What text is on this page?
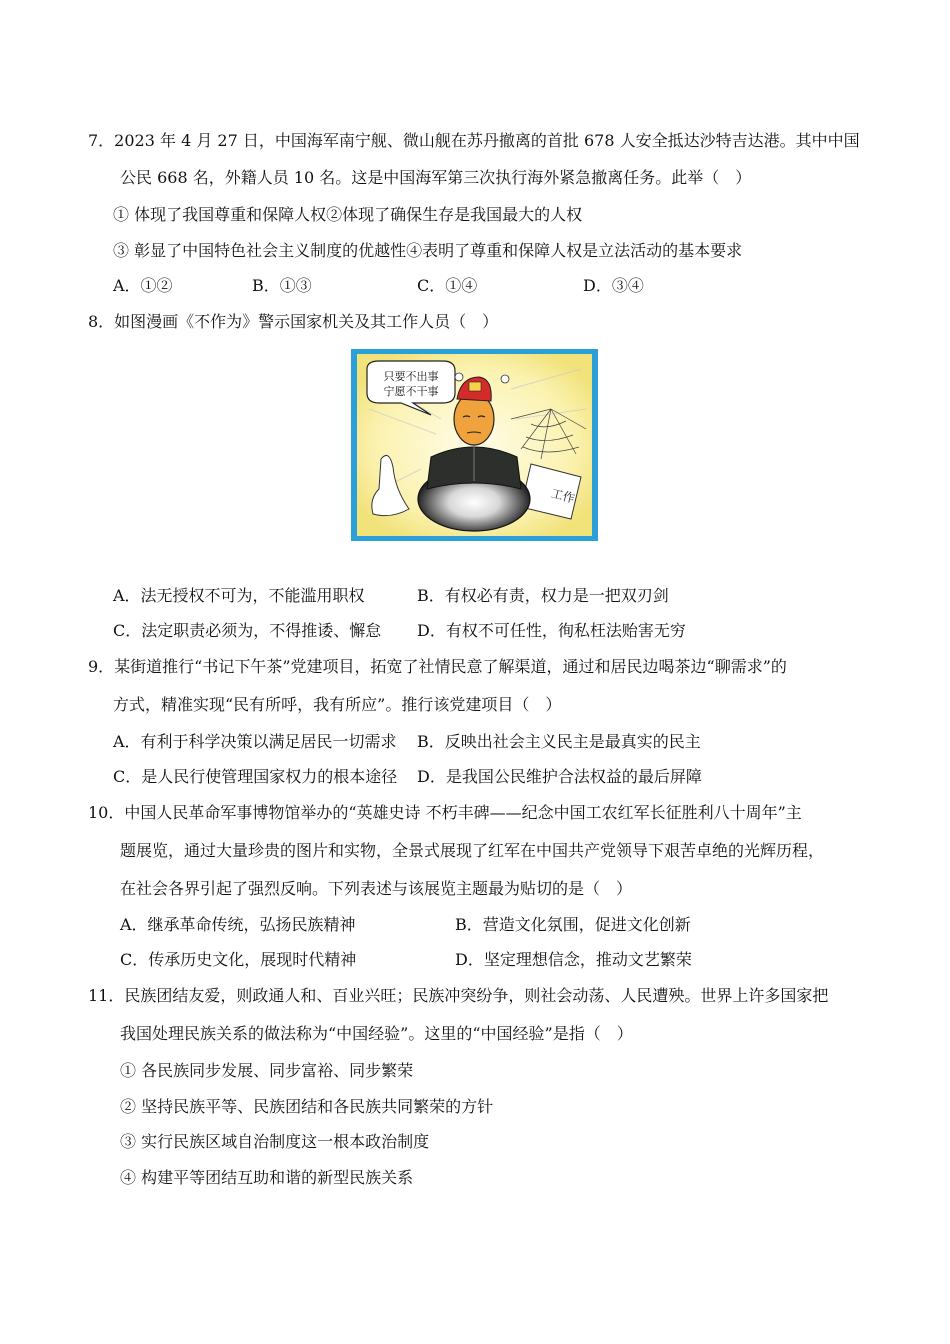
7．2023 年 4 月 27 日，中国海军南宁舰、微山舰在苏丹撤离的首批 678 人安全抵达沙特吉达港。其中中国
公民 668 名，外籍人员 10 名。这是中国海军第三次执行海外紧急撤离任务。此举（　）
① 体现了我国尊重和保障人权②体现了确保生存是我国最大的人权
③ 彰显了中国特色社会主义制度的优越性④表明了尊重和保障人权是立法活动的基本要求
A．①②	B．①③	C．①④	D．③④
8．如图漫画《不作为》警示国家机关及其工作人员（　）
只要不出事
宁愿不干事
工作
A．法无授权不可为，不能滥用职权	B．有权必有责，权力是一把双刃剑
C．法定职责必须为，不得推诿、懈怠 D．有权不可任性，徇私枉法贻害无穷
9．某街道推行“书记下午茶”党建项目，拓宽了社情民意了解渠道，通过和居民边喝茶边“聊需求”的
方式，精准实现“民有所呼，我有所应”。推行该党建项目（　）
A．有利于科学决策以满足居民一切需求 B．反映出社会主义民主是最真实的民主
C．是人民行使管理国家权力的根本途径 D．是我国公民维护合法权益的最后屏障
10．中国人民革命军事博物馆举办的“英雄史诗 不朽丰碑——纪念中国工农红军长征胜利八十周年”主
题展览，通过大量珍贵的图片和实物，全景式展现了红军在中国共产党领导下艰苦卓绝的光辉历程，
在社会各界引起了强烈反响。下列表述与该展览主题最为贴切的是（　）
A．继承革命传统，弘扬民族精神	B．营造文化氛围，促进文化创新
C．传承历史文化，展现时代精神	D．坚定理想信念，推动文艺繁荣
11．民族团结友爱，则政通人和、百业兴旺；民族冲突纷争，则社会动荡、人民遭殃。世界上许多国家把
我国处理民族关系的做法称为“中国经验”。这里的“中国经验”是指（　）
① 各民族同步发展、同步富裕、同步繁荣
② 坚持民族平等、民族团结和各民族共同繁荣的方针
③ 实行民族区域自治制度这一根本政治制度
④ 构建平等团结互助和谐的新型民族关系
